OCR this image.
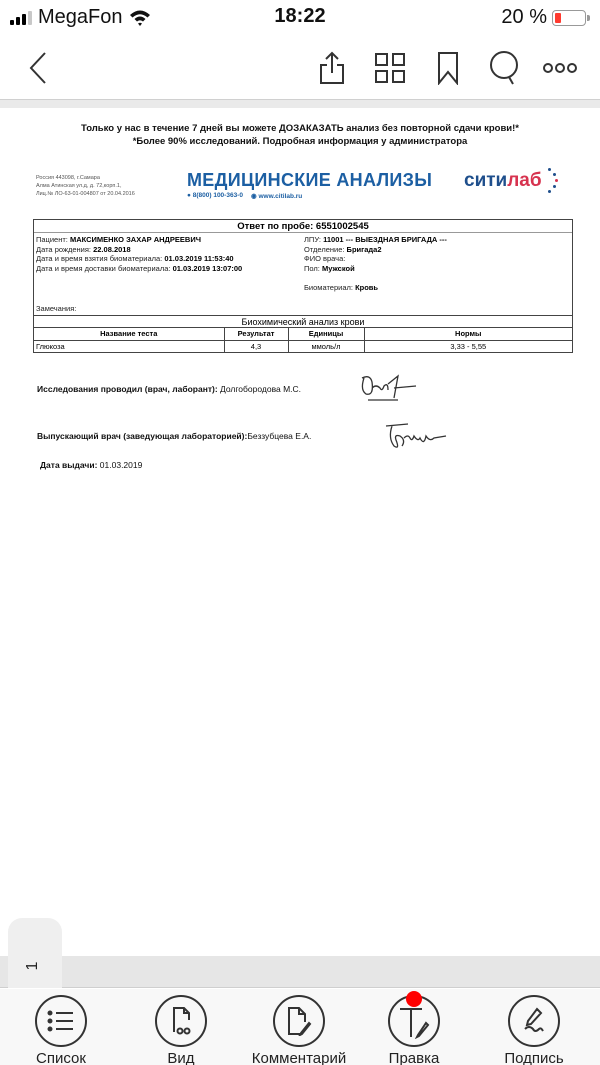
MegaFon	18:22	20 %
Только у нас в течение 7 дней вы можете ДОЗАКАЗАТЬ анализ без повторной сдачи крови!*
*Более 90% исследований. Подробная информация у администратора
Россия 443098, г.Самара
Алма Атинская ул.д, д. 72,корп.1,
Лиц.№ ЛО-63-01-004807 от 20.04.2016
МЕДИЦИНСКИЕ АНАЛИЗЫ
● 8(800) 100-363-0 ◉ www.citilab.ru
сити лаб
Ответ по пробе: 6551002545
Пациент: МАКСИМЕНКО ЗАХАР АНДРЕЕВИЧ
Дата рождения: 22.08.2018
Дата и время взятия биоматериала: 01.03.2019 11:53:40
Дата и время доставки биоматериала: 01.03.2019 13:07:00
ЛПУ: 11001 --- ВЫЕЗДНАЯ БРИГАДА ---
Отделение: Бригада2
ФИО врача:
Пол: Мужской
Биоматериал: Кровь
Замечания:
Биохимический анализ крови
Название теста	Результат	Единицы	Нормы
Глюкоза	4,3	ммоль/л	3,33 - 5,55
Исследования проводил (врач, лаборант): Долгобородова М.С.
Выпускающий врач (заведующая лабораторией):Беззубцева Е.А.
Дата выдачи: 01.03.2019
1
Список	Вид	Комментарий	Правка	Подпись
